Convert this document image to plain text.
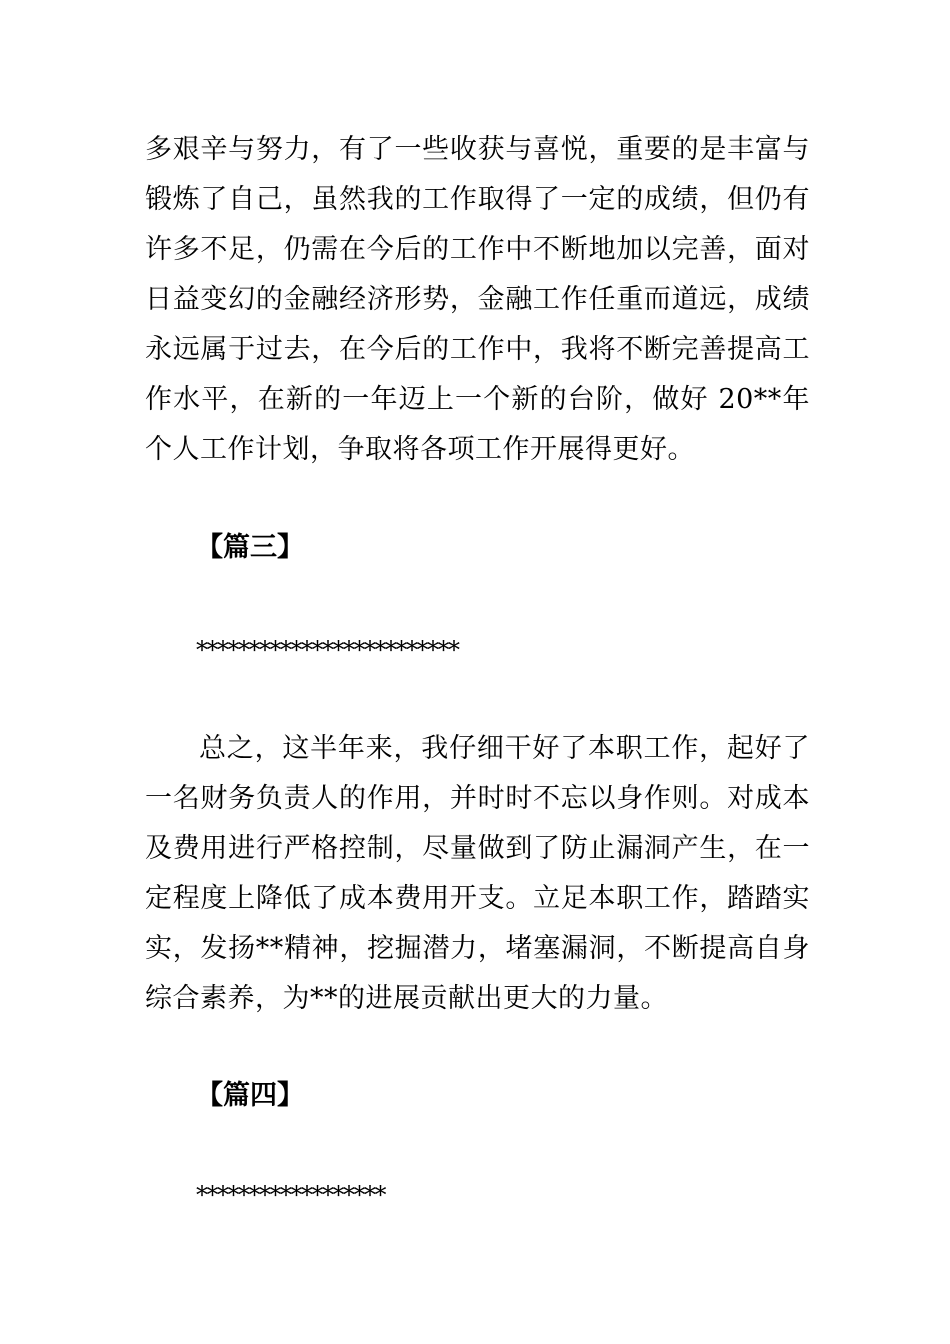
多艰辛与努力，有了一些收获与喜悦，重要的是丰富与锻炼了自己，虽然我的工作取得了一定的成绩，但仍有许多不足，仍需在今后的工作中不断地加以完善，面对日益变幻的金融经济形势，金融工作任重而道远，成绩永远属于过去，在今后的工作中，我将不断完善提高工作水平，在新的一年迈上一个新的台阶，做好 20**年个人工作计划，争取将各项工作开展得更好。

【篇三】

*************************

总之，这半年来，我仔细干好了本职工作，起好了一名财务负责人的作用，并时时不忘以身作则。对成本及费用进行严格控制，尽量做到了防止漏洞产生，在一定程度上降低了成本费用开支。立足本职工作，踏踏实实，发扬**精神，挖掘潜力，堵塞漏洞，不断提高自身综合素养，为**的进展贡献出更大的力量。

【篇四】

******************
